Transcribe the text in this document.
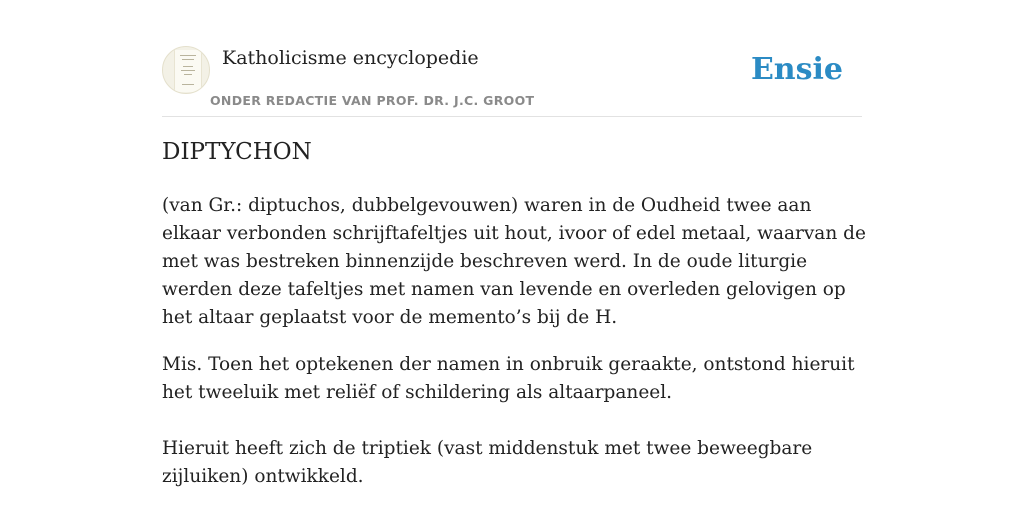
Katholicisme encyclopedie
ONDER REDACTIE VAN PROF. DR. J.C. GROOT
Ensie
DIPTYCHON

(van Gr.: diptuchos, dubbelgevouwen) waren in de Oudheid twee aan elkaar verbonden schrijftafeltjes uit hout, ivoor of edel metaal, waarvan de met was bestreken binnenzijde beschreven werd. In de oude liturgie werden deze tafeltjes met namen van levende en overleden gelovigen op het altaar geplaatst voor de memento’s bij de H.

Mis. Toen het optekenen der namen in onbruik geraakte, ontstond hieruit het tweeluik met reliëf of schildering als altaarpaneel.

Hieruit heeft zich de triptiek (vast middenstuk met twee beweegbare zijluiken) ontwikkeld.
